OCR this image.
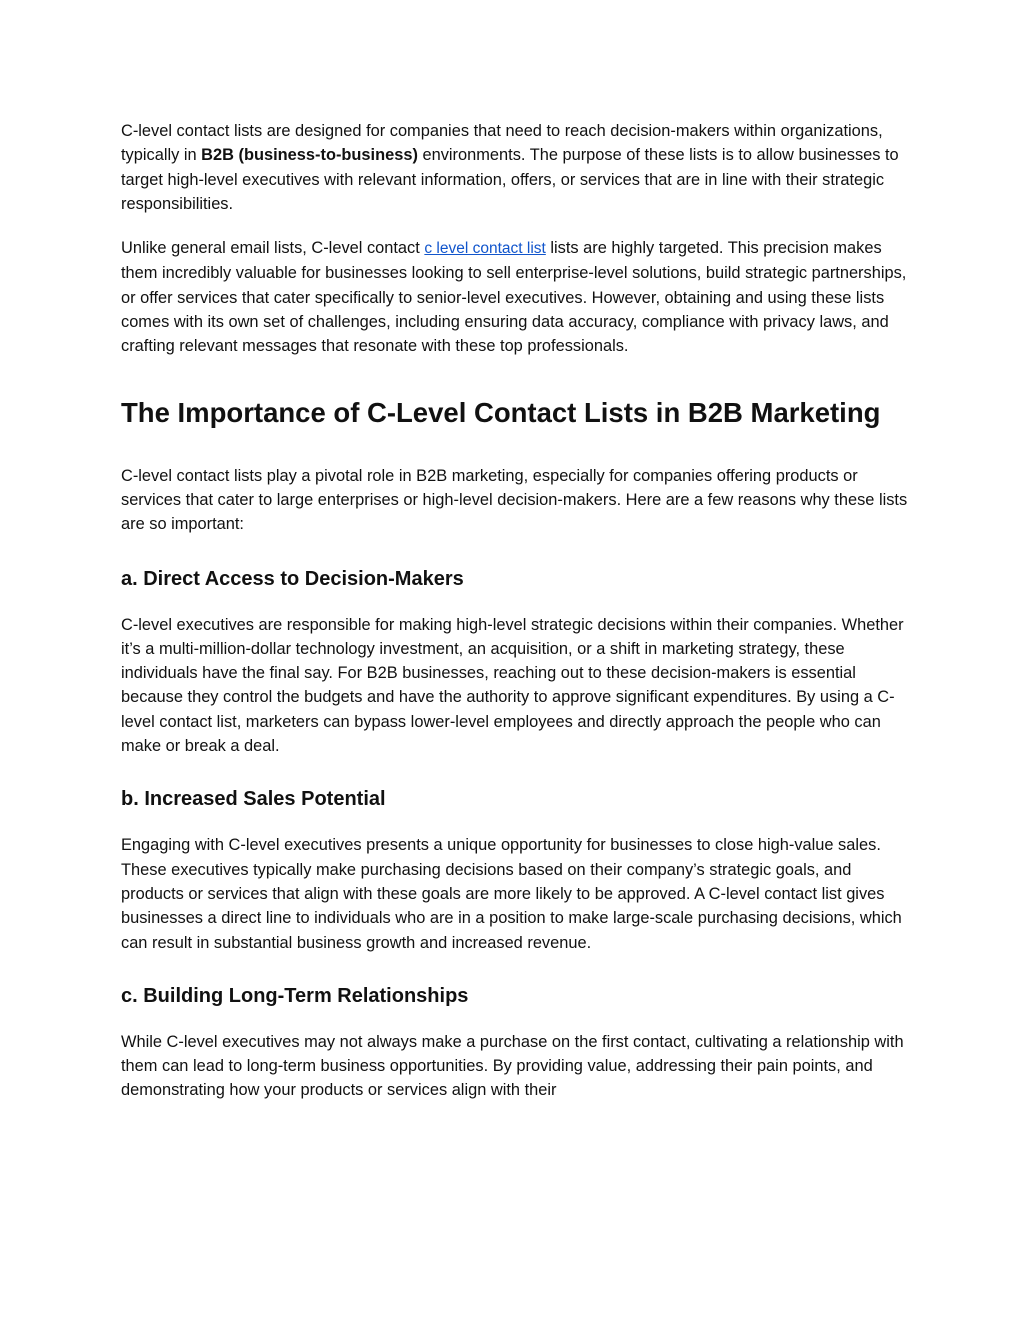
C-level contact lists are designed for companies that need to reach decision-makers within organizations, typically in B2B (business-to-business) environments. The purpose of these lists is to allow businesses to target high-level executives with relevant information, offers, or services that are in line with their strategic responsibilities.

Unlike general email lists, C-level contact c level contact list lists are highly targeted. This precision makes them incredibly valuable for businesses looking to sell enterprise-level solutions, build strategic partnerships, or offer services that cater specifically to senior-level executives. However, obtaining and using these lists comes with its own set of challenges, including ensuring data accuracy, compliance with privacy laws, and crafting relevant messages that resonate with these top professionals.

The Importance of C-Level Contact Lists in B2B Marketing

C-level contact lists play a pivotal role in B2B marketing, especially for companies offering products or services that cater to large enterprises or high-level decision-makers. Here are a few reasons why these lists are so important:

a. Direct Access to Decision-Makers

C-level executives are responsible for making high-level strategic decisions within their companies. Whether it’s a multi-million-dollar technology investment, an acquisition, or a shift in marketing strategy, these individuals have the final say. For B2B businesses, reaching out to these decision-makers is essential because they control the budgets and have the authority to approve significant expenditures. By using a C-level contact list, marketers can bypass lower-level employees and directly approach the people who can make or break a deal.

b. Increased Sales Potential

Engaging with C-level executives presents a unique opportunity for businesses to close high-value sales. These executives typically make purchasing decisions based on their company’s strategic goals, and products or services that align with these goals are more likely to be approved. A C-level contact list gives businesses a direct line to individuals who are in a position to make large-scale purchasing decisions, which can result in substantial business growth and increased revenue.

c. Building Long-Term Relationships

While C-level executives may not always make a purchase on the first contact, cultivating a relationship with them can lead to long-term business opportunities. By providing value, addressing their pain points, and demonstrating how your products or services align with their
